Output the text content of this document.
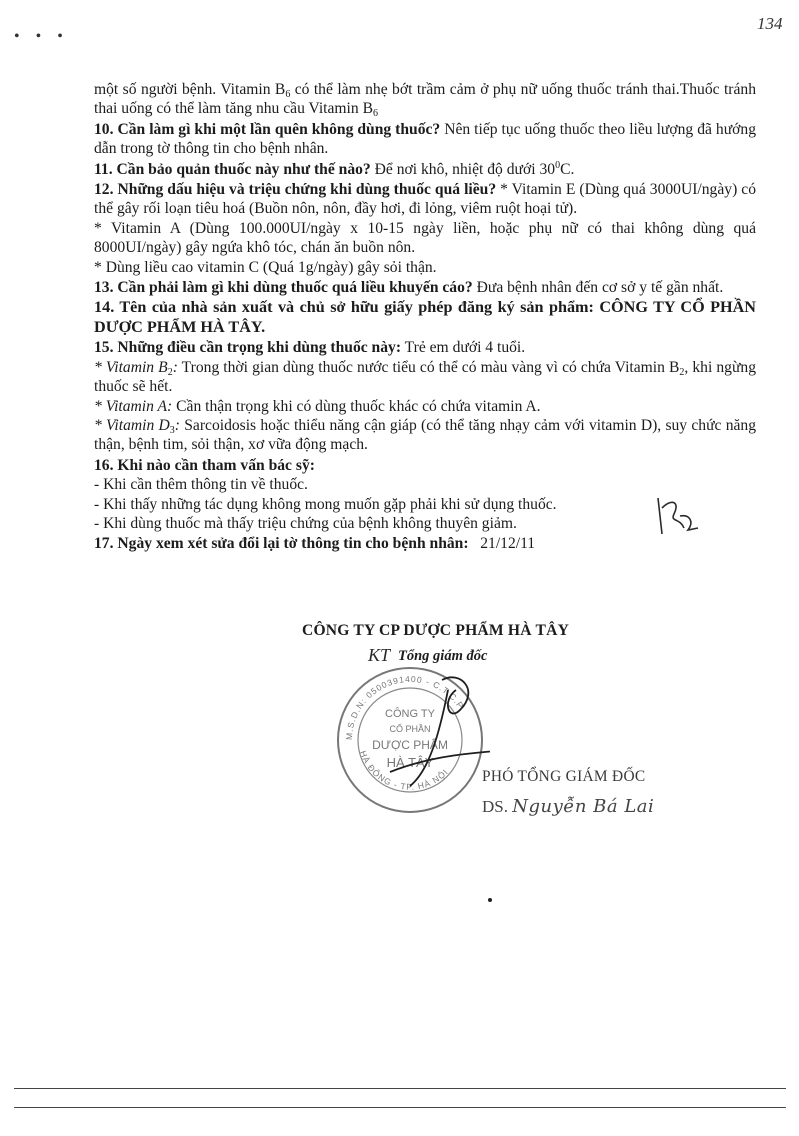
• • •
134

một số người bệnh. Vitamin $B_6$ có thể làm nhẹ bớt trầm cảm ở phụ nữ uống thuốc tránh thai.Thuốc tránh thai uống có thể làm tăng nhu cầu Vitamin $B_6$

10. Cần làm gì khi một lần quên không dùng thuốc? Nên tiếp tục uống thuốc theo liều lượng đã hướng dẫn trong tờ thông tin cho bệnh nhân.

11. Cần bảo quản thuốc này như thế nào? Để nơi khô, nhiệt độ dưới $30^0C$.

12. Những dấu hiệu và triệu chứng khi dùng thuốc quá liều? * Vitamin E (Dùng quá 3000UI/ngày) có thể gây rối loạn tiêu hoá (Buồn nôn, nôn, đầy hơi, đi lỏng, viêm ruột hoại tử).

* Vitamin A (Dùng 100.000UI/ngày x 10-15 ngày liền, hoặc phụ nữ có thai không dùng quá 8000UI/ngày) gây ngứa khô tóc, chán ăn buồn nôn.

* Dùng liều cao vitamin C (Quá 1g/ngày) gây sỏi thận.

13. Cần phải làm gì khi dùng thuốc quá liều khuyến cáo? Đưa bệnh nhân đến cơ sở y tế gần nhất.

14. Tên của nhà sản xuất và chủ sở hữu giấy phép đăng ký sản phẩm: CÔNG TY CỔ PHẦN DƯỢC PHẨM HÀ TÂY.

15. Những điều cần trọng khi dùng thuốc này: Trẻ em dưới 4 tuổi.

* Vitamin $B_2$: Trong thời gian dùng thuốc nước tiểu có thể có màu vàng vì có chứa Vitamin $B_2$, khi ngừng thuốc sẽ hết.

* Vitamin A: Cần thận trọng khi có dùng thuốc khác có chứa vitamin A.

* Vitamin $D_3$: Sarcoidosis hoặc thiểu năng cận giáp (có thể tăng nhạy cảm với vitamin D), suy chức năng thận, bệnh tim, sỏi thận, xơ vữa động mạch.

16. Khi nào cần tham vấn bác sỹ:

- Khi cần thêm thông tin về thuốc.

- Khi thấy những tác dụng không mong muốn gặp phải khi sử dụng thuốc.

- Khi dùng thuốc mà thấy triệu chứng của bệnh không thuyên giảm.

17. Ngày xem xét sửa đổi lại tờ thông tin cho bệnh nhân:   21/12/11

CÔNG TY CP DƯỢC PHẨM HÀ TÂY
KT Tổng giám đốc
M.S.D.N: 0500391400 - C.T.C.P
HÀ ĐÔNG - TP. HÀ NỘI
CÔNG TY
CỔ PHẦN
DƯỢC PHẨM
HÀ TÂY
PHÓ TỔNG GIÁM ĐỐC
DS. Nguyễn Bá Lai
